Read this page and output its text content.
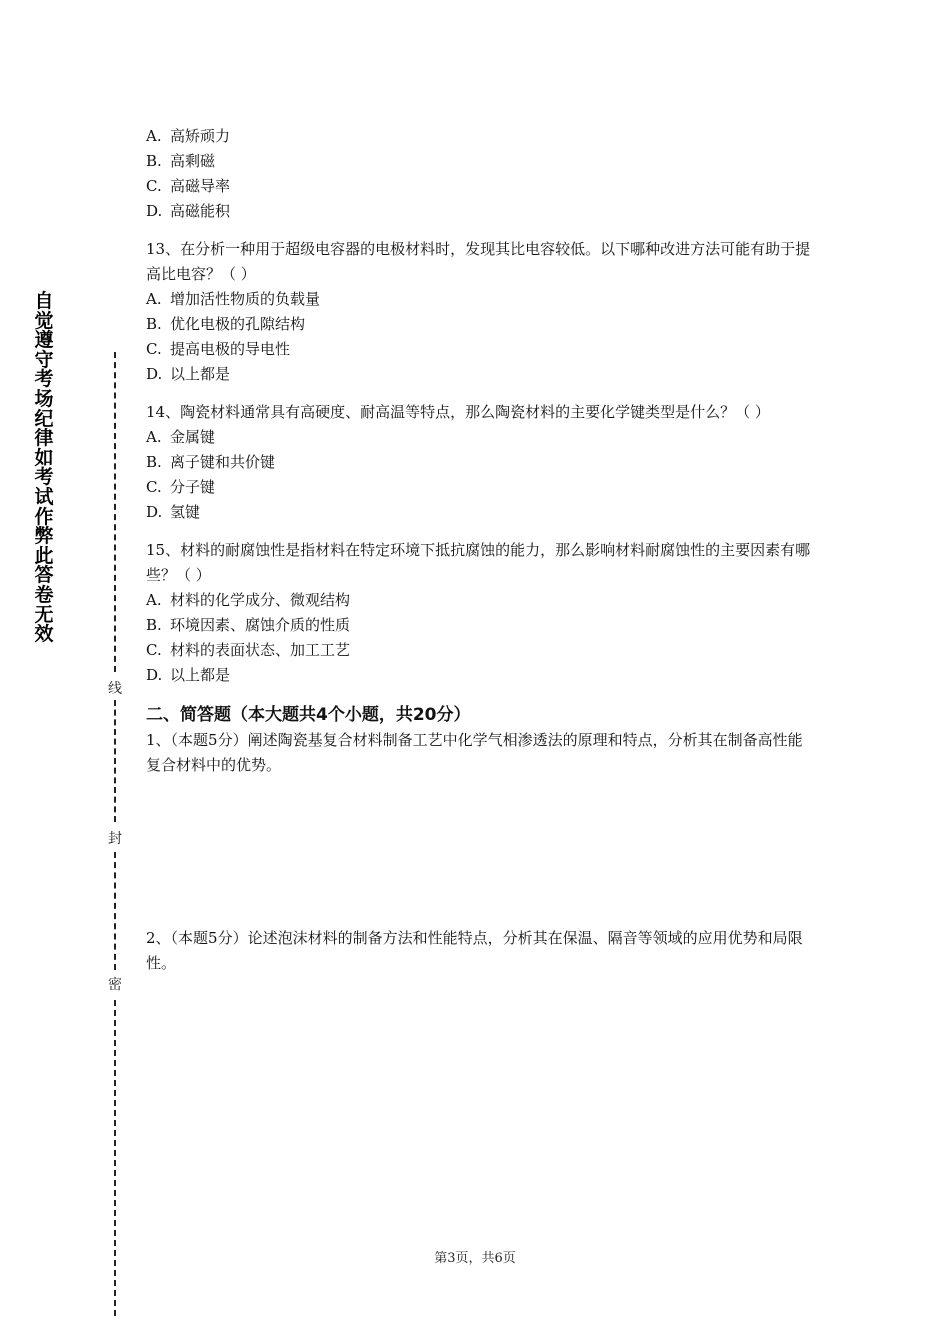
自觉遵守考场纪律如考试作弊此答卷无效
线
封
密
A. 高矫顽力
B. 高剩磁
C. 高磁导率
D. 高磁能积
13、在分析一种用于超级电容器的电极材料时，发现其比电容较低。以下哪种改进方法可能有助于提高比电容？（ ）
A. 增加活性物质的负载量
B. 优化电极的孔隙结构
C. 提高电极的导电性
D. 以上都是
14、陶瓷材料通常具有高硬度、耐高温等特点，那么陶瓷材料的主要化学键类型是什么？（ ）
A. 金属键
B. 离子键和共价键
C. 分子键
D. 氢键
15、材料的耐腐蚀性是指材料在特定环境下抵抗腐蚀的能力，那么影响材料耐腐蚀性的主要因素有哪些？（ ）
A. 材料的化学成分、微观结构
B. 环境因素、腐蚀介质的性质
C. 材料的表面状态、加工工艺
D. 以上都是
二、简答题（本大题共4个小题，共20分）
1、（本题5分）阐述陶瓷基复合材料制备工艺中化学气相渗透法的原理和特点，分析其在制备高性能复合材料中的优势。
2、（本题5分）论述泡沫材料的制备方法和性能特点，分析其在保温、隔音等领域的应用优势和局限性。
第3页，共6页
